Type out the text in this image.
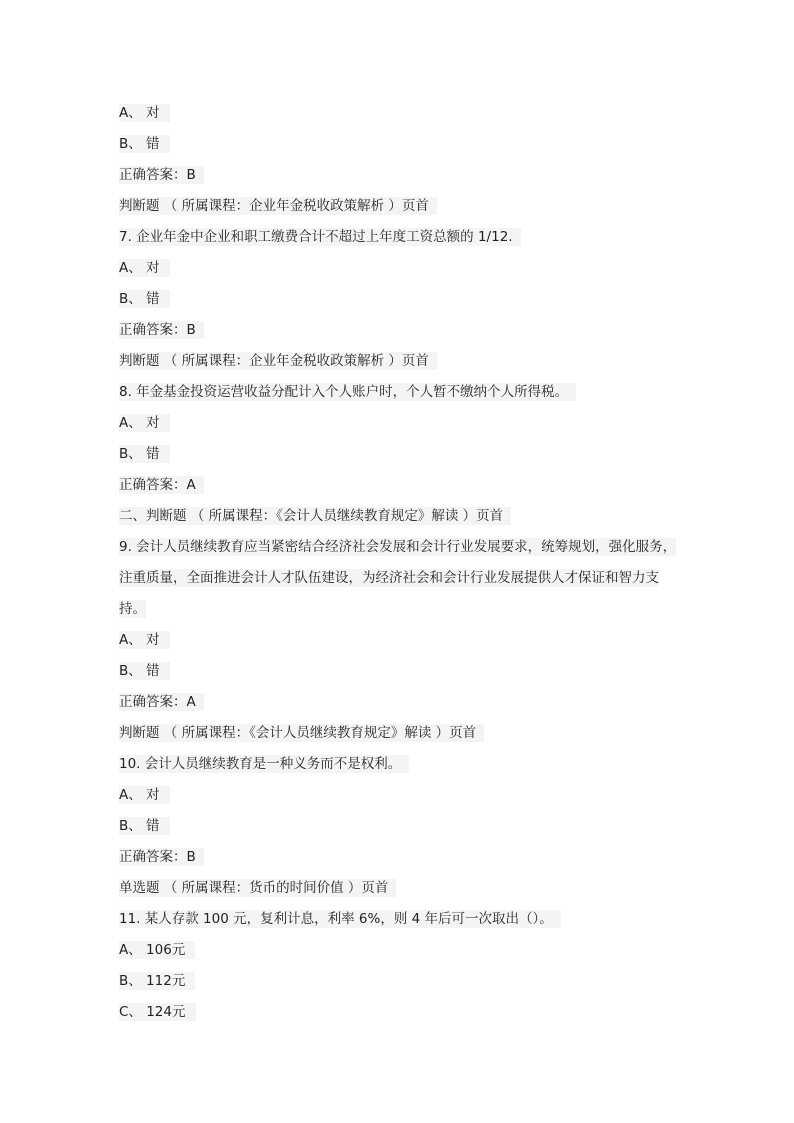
A、 对
B、 错
正确答案：B
判断题 （ 所属课程：企业年金税收政策解析 ）页首
7. 企业年金中企业和职工缴费合计不超过上年度工资总额的 1/12.
A、 对
B、 错
正确答案：B
判断题 （ 所属课程：企业年金税收政策解析 ）页首
8. 年金基金投资运营收益分配计入个人账户时，个人暂不缴纳个人所得税。
A、 对
B、 错
正确答案：A
二、判断题 （ 所属课程：《会计人员继续教育规定》解读 ）页首
9. 会计人员继续教育应当紧密结合经济社会发展和会计行业发展要求，统筹规划，强化服务，注重质量，全面推进会计人才队伍建设，为经济社会和会计行业发展提供人才保证和智力支持。
A、 对
B、 错
正确答案：A
判断题 （ 所属课程：《会计人员继续教育规定》解读 ）页首
10. 会计人员继续教育是一种义务而不是权利。
A、 对
B、 错
正确答案：B
单选题 （ 所属课程：货币的时间价值 ）页首
11. 某人存款 100 元，复利计息，利率 6%，则 4 年后可一次取出（）。
A、 106元
B、 112元
C、 124元
